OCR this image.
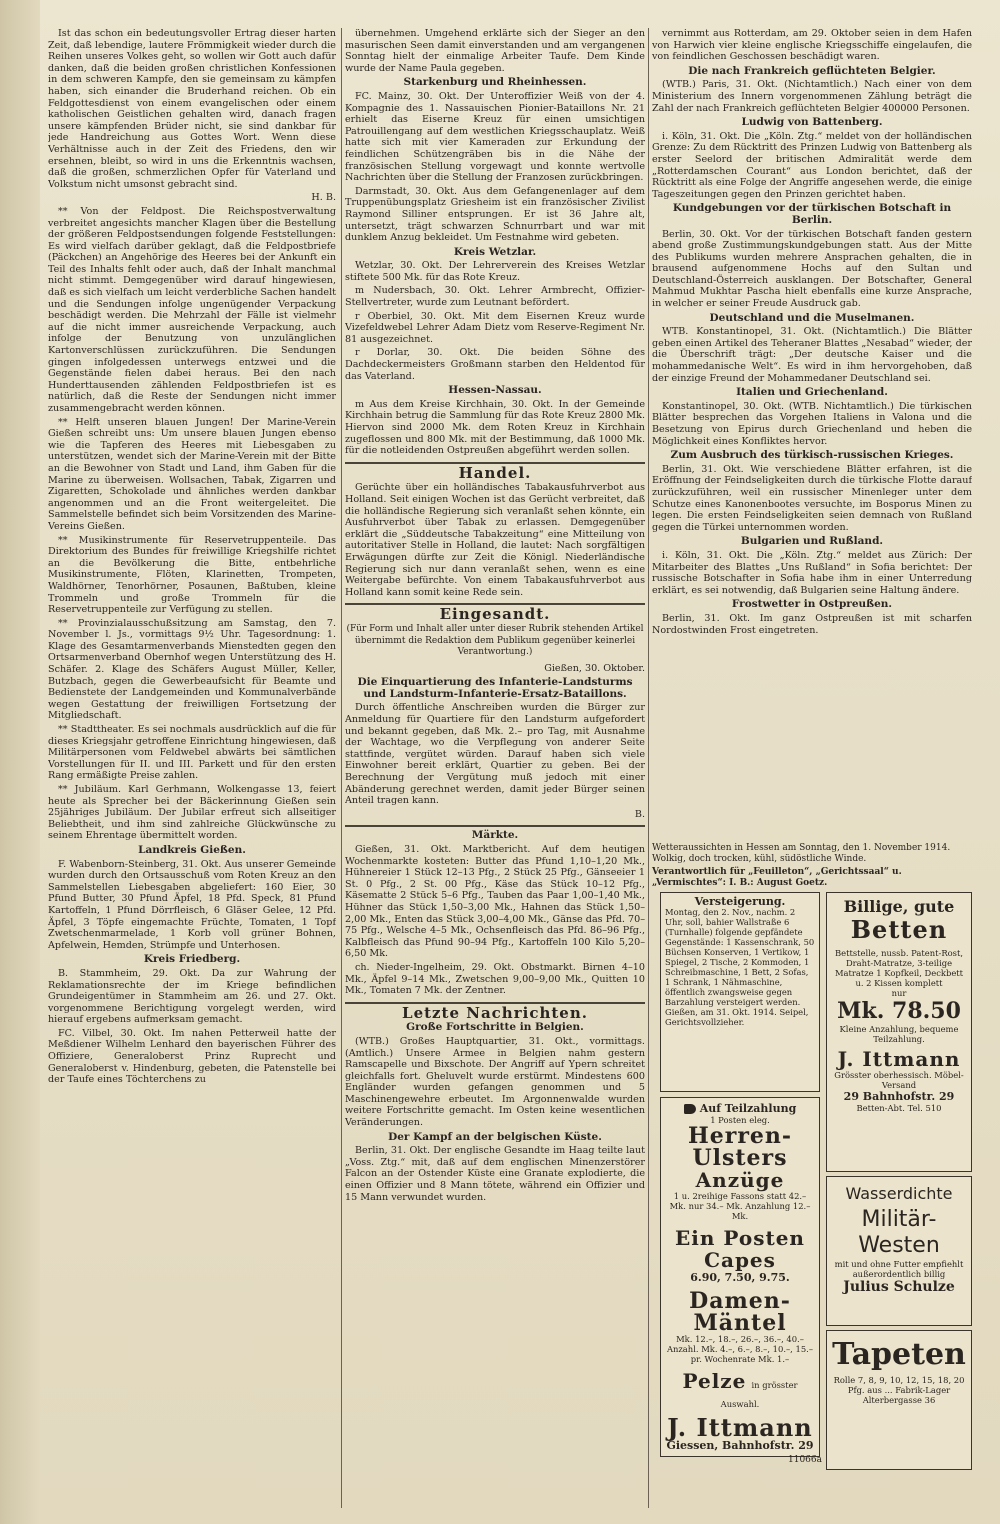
Ist das schon ein bedeutungsvoller Ertrag dieser harten Zeit, daß lebendige, lautere Frömmigkeit wieder durch die Reihen unseres Volkes geht, so wollen wir Gott auch dafür danken, daß die beiden großen christlichen Konfessionen in dem schweren Kampfe, den sie gemeinsam zu kämpfen haben, sich einander die Bruderhand reichen. Ob ein Feldgottesdienst von einem evangelischen oder einem katholischen Geistlichen gehalten wird, danach fragen unsere kämpfenden Brüder nicht, sie sind dankbar für jede Handreichung aus Gottes Wort. Wenn diese Verhältnisse auch in der Zeit des Friedens, den wir ersehnen, bleibt, so wird in uns die Erkenntnis wachsen, daß die großen, schmerzlichen Opfer für Vaterland und Volkstum nicht umsonst gebracht sind.

H. B.

** Von der Feldpost. Die Reichspostverwaltung verbreitet angesichts mancher Klagen über die Bestellung der größeren Feldpostsendungen folgende Feststellungen: Es wird vielfach darüber geklagt, daß die Feldpostbriefe (Päckchen) an Angehörige des Heeres bei der Ankunft ein Teil des Inhalts fehlt oder auch, daß der Inhalt manchmal nicht stimmt. Demgegenüber wird darauf hingewiesen, daß es sich vielfach um leicht verderbliche Sachen handelt und die Sendungen infolge ungenügender Verpackung beschädigt werden. Die Mehrzahl der Fälle ist vielmehr auf die nicht immer ausreichende Verpackung, auch infolge der Benutzung von unzulänglichen Kartonverschlüssen zurückzuführen. Die Sendungen gingen infolgedessen unterwegs entzwei und die Gegenstände fielen dabei heraus. Bei den nach Hunderttausenden zählenden Feldpostbriefen ist es natürlich, daß die Reste der Sendungen nicht immer zusammengebracht werden können.

** Helft unseren blauen Jungen! Der Marine-Verein Gießen schreibt uns: Um unsere blauen Jungen ebenso wie die Tapferen des Heeres mit Liebesgaben zu unterstützen, wendet sich der Marine-Verein mit der Bitte an die Bewohner von Stadt und Land, ihm Gaben für die Marine zu überweisen. Wollsachen, Tabak, Zigarren und Zigaretten, Schokolade und ähnliches werden dankbar angenommen und an die Front weitergeleitet. Die Sammelstelle befindet sich beim Vorsitzenden des Marine-Vereins Gießen.

** Musikinstrumente für Reservetruppenteile. Das Direktorium des Bundes für freiwillige Kriegshilfe richtet an die Bevölkerung die Bitte, entbehrliche Musikinstrumente, Flöten, Klarinetten, Trompeten, Waldhörner, Tenorhörner, Posaunen, Baßtuben, kleine Trommeln und große Trommeln für die Reservetruppenteile zur Verfügung zu stellen.

** Provinzialausschußsitzung am Samstag, den 7. November l. Js., vormittags 9½ Uhr. Tagesordnung: 1. Klage des Gesamtarmenverbands Mienstedten gegen den Ortsarmenverband Obernhof wegen Unterstützung des H. Schäfer. 2. Klage des Schäfers August Müller, Keller, Butzbach, gegen die Gewerbeaufsicht für Beamte und Bedienstete der Landgemeinden und Kommunalverbände wegen Gestattung der freiwilligen Fortsetzung der Mitgliedschaft.

** Stadttheater. Es sei nochmals ausdrücklich auf die für dieses Kriegsjahr getroffene Einrichtung hingewiesen, daß Militärpersonen vom Feldwebel abwärts bei sämtlichen Vorstellungen für II. und III. Parkett und für den ersten Rang ermäßigte Preise zahlen.

** Jubiläum. Karl Gerhmann, Wolkengasse 13, feiert heute als Sprecher bei der Bäckerinnung Gießen sein 25jähriges Jubiläum. Der Jubilar erfreut sich allseitiger Beliebtheit, und ihm sind zahlreiche Glückwünsche zu seinem Ehrentage übermittelt worden.

Landkreis Gießen.

F. Wabenborn-Steinberg, 31. Okt. Aus unserer Gemeinde wurden durch den Ortsausschuß vom Roten Kreuz an den Sammelstellen Liebesgaben abgeliefert: 160 Eier, 30 Pfund Butter, 30 Pfund Äpfel, 18 Pfd. Speck, 81 Pfund Kartoffeln, 1 Pfund Dörrfleisch, 6 Gläser Gelee, 12 Pfd. Äpfel, 3 Töpfe eingemachte Früchte, Tomaten, 1 Topf Zwetschenmarmelade, 1 Korb voll grüner Bohnen, Apfelwein, Hemden, Strümpfe und Unterhosen.

Kreis Friedberg.

B. Stammheim, 29. Okt. Da zur Wahrung der Reklamationsrechte der im Kriege befindlichen Grundeigentümer in Stammheim am 26. und 27. Okt. vorgenommene Berichtigung vorgelegt werden, wird hierauf ergebens aufmerksam gemacht.

FC. Vilbel, 30. Okt. Im nahen Petterweil hatte der Meßdiener Wilhelm Lenhard den bayerischen Führer des Offiziere, Generaloberst Prinz Ruprecht und Generaloberst v. Hindenburg, gebeten, die Patenstelle bei der Taufe eines Töchterchens zu

übernehmen. Umgehend erklärte sich der Sieger an den masurischen Seen damit einverstanden und am vergangenen Sonntag hielt der einmalige Arbeiter Taufe. Dem Kinde wurde der Name Paula gegeben.

Starkenburg und Rheinhessen.

FC. Mainz, 30. Okt. Der Unteroffizier Weiß von der 4. Kompagnie des 1. Nassauischen Pionier-Bataillons Nr. 21 erhielt das Eiserne Kreuz für einen umsichtigen Patrouillengang auf dem westlichen Kriegsschauplatz. Weiß hatte sich mit vier Kameraden zur Erkundung der feindlichen Schützengräben bis in die Nähe der französischen Stellung vorgewagt und konnte wertvolle Nachrichten über die Stellung der Franzosen zurückbringen.

Darmstadt, 30. Okt. Aus dem Gefangenenlager auf dem Truppenübungsplatz Griesheim ist ein französischer Zivilist Raymond Silliner entsprungen. Er ist 36 Jahre alt, untersetzt, trägt schwarzen Schnurrbart und war mit dunklem Anzug bekleidet. Um Festnahme wird gebeten.

Kreis Wetzlar.

Wetzlar, 30. Okt. Der Lehrerverein des Kreises Wetzlar stiftete 500 Mk. für das Rote Kreuz.

m Nudersbach, 30. Okt. Lehrer Armbrecht, Offizier-Stellvertreter, wurde zum Leutnant befördert.

r Oberbiel, 30. Okt. Mit dem Eisernen Kreuz wurde Vizefeldwebel Lehrer Adam Dietz vom Reserve-Regiment Nr. 81 ausgezeichnet.

r Dorlar, 30. Okt. Die beiden Söhne des Dachdeckermeisters Großmann starben den Heldentod für das Vaterland.

Hessen-Nassau.

m Aus dem Kreise Kirchhain, 30. Okt. In der Gemeinde Kirchhain betrug die Sammlung für das Rote Kreuz 2800 Mk. Hiervon sind 2000 Mk. dem Roten Kreuz in Kirchhain zugeflossen und 800 Mk. mit der Bestimmung, daß 1000 Mk. für die notleidenden Ostpreußen abgeführt werden sollen.

Handel.

Gerüchte über ein holländisches Tabakausfuhrverbot aus Holland. Seit einigen Wochen ist das Gerücht verbreitet, daß die holländische Regierung sich veranlaßt sehen könnte, ein Ausfuhrverbot über Tabak zu erlassen. Demgegenüber erklärt die „Süddeutsche Tabakzeitung“ eine Mitteilung von autoritativer Stelle in Holland, die lautet: Nach sorgfältigen Erwägungen dürfte zur Zeit die Königl. Niederländische Regierung sich nur dann veranlaßt sehen, wenn es eine Weitergabe befürchte. Von einem Tabakausfuhrverbot aus Holland kann somit keine Rede sein.

Eingesandt.
(Für Form und Inhalt aller unter dieser Rubrik stehenden Artikel übernimmt die Redaktion dem Publikum gegenüber keinerlei Verantwortung.)

Gießen, 30. Oktober.

Die Einquartierung des Infanterie-Landsturms und Landsturm-Infanterie-Ersatz-Bataillons.

Durch öffentliche Anschreiben wurden die Bürger zur Anmeldung für Quartiere für den Landsturm aufgefordert und bekannt gegeben, daß Mk. 2.– pro Tag, mit Ausnahme der Wachtage, wo die Verpflegung von anderer Seite stattfinde, vergütet würden. Darauf haben sich viele Einwohner bereit erklärt, Quartier zu geben. Bei der Berechnung der Vergütung muß jedoch mit einer Abänderung gerechnet werden, damit jeder Bürger seinen Anteil tragen kann.

B.

Märkte.

Gießen, 31. Okt. Marktbericht. Auf dem heutigen Wochenmarkte kosteten: Butter das Pfund 1,10–1,20 Mk., Hühnereier 1 Stück 12–13 Pfg., 2 Stück 25 Pfg., Gänseeier 1 St. 0 Pfg., 2 St. 00 Pfg., Käse das Stück 10–12 Pfg., Käsematte 2 Stück 5–6 Pfg., Tauben das Paar 1,00–1,40 Mk., Hühner das Stück 1,50–3,00 Mk., Hahnen das Stück 1,50–2,00 Mk., Enten das Stück 3,00–4,00 Mk., Gänse das Pfd. 70–75 Pfg., Welsche 4–5 Mk., Ochsenfleisch das Pfd. 86–96 Pfg., Kalbfleisch das Pfund 90–94 Pfg., Kartoffeln 100 Kilo 5,20–6,50 Mk.

ch. Nieder-Ingelheim, 29. Okt. Obstmarkt. Birnen 4–10 Mk., Äpfel 9–14 Mk., Zwetschen 9,00–9,00 Mk., Quitten 10 Mk., Tomaten 7 Mk. der Zentner.

Letzte Nachrichten.
Große Fortschritte in Belgien.

(WTB.) Großes Hauptquartier, 31. Okt., vormittags. (Amtlich.) Unsere Armee in Belgien nahm gestern Ramscapelle und Bixschote. Der Angriff auf Ypern schreitet gleichfalls fort. Gheluvelt wurde erstürmt. Mindestens 600 Engländer wurden gefangen genommen und 5 Maschinengewehre erbeutet. Im Argonnenwalde wurden weitere Fortschritte gemacht. Im Osten keine wesentlichen Veränderungen.

Der Kampf an der belgischen Küste.

Berlin, 31. Okt. Der englische Gesandte im Haag teilte laut „Voss. Ztg.“ mit, daß auf dem englischen Minenzerstörer Falcon an der Ostender Küste eine Granate explodierte, die einen Offizier und 8 Mann tötete, während ein Offizier und 15 Mann verwundet wurden.

vernimmt aus Rotterdam, am 29. Oktober seien in dem Hafen von Harwich vier kleine englische Kriegsschiffe eingelaufen, die von feindlichen Geschossen beschädigt waren.

Die nach Frankreich geflüchteten Belgier.

(WTB.) Paris, 31. Okt. (Nichtamtlich.) Nach einer von dem Ministerium des Innern vorgenommenen Zählung beträgt die Zahl der nach Frankreich geflüchteten Belgier 400000 Personen.

Ludwig von Battenberg.

i. Köln, 31. Okt. Die „Köln. Ztg.“ meldet von der holländischen Grenze: Zu dem Rücktritt des Prinzen Ludwig von Battenberg als erster Seelord der britischen Admiralität werde dem „Rotterdamschen Courant“ aus London berichtet, daß der Rücktritt als eine Folge der Angriffe angesehen werde, die einige Tageszeitungen gegen den Prinzen gerichtet haben.

Kundgebungen vor der türkischen Botschaft in Berlin.

Berlin, 30. Okt. Vor der türkischen Botschaft fanden gestern abend große Zustimmungskundgebungen statt. Aus der Mitte des Publikums wurden mehrere Ansprachen gehalten, die in brausend aufgenommene Hochs auf den Sultan und Deutschland-Österreich ausklangen. Der Botschafter, General Mahmud Mukhtar Pascha hielt ebenfalls eine kurze Ansprache, in welcher er seiner Freude Ausdruck gab.

Deutschland und die Muselmanen.

WTB. Konstantinopel, 31. Okt. (Nichtamtlich.) Die Blätter geben einen Artikel des Teheraner Blattes „Nesabad“ wieder, der die Überschrift trägt: „Der deutsche Kaiser und die mohammedanische Welt“. Es wird in ihm hervorgehoben, daß der einzige Freund der Mohammedaner Deutschland sei.

Italien und Griechenland.

Konstantinopel, 30. Okt. (WTB. Nichtamtlich.) Die türkischen Blätter besprechen das Vorgehen Italiens in Valona und die Besetzung von Epirus durch Griechenland und heben die Möglichkeit eines Konfliktes hervor.

Zum Ausbruch des türkisch-russischen Krieges.

Berlin, 31. Okt. Wie verschiedene Blätter erfahren, ist die Eröffnung der Feindseligkeiten durch die türkische Flotte darauf zurückzuführen, weil ein russischer Minenleger unter dem Schutze eines Kanonenbootes versuchte, im Bosporus Minen zu legen. Die ersten Feindseligkeiten seien demnach von Rußland gegen die Türkei unternommen worden.

Bulgarien und Rußland.

i. Köln, 31. Okt. Die „Köln. Ztg.“ meldet aus Zürich: Der Mitarbeiter des Blattes „Uns Rußland“ in Sofia berichtet: Der russische Botschafter in Sofia habe ihm in einer Unterredung erklärt, es sei notwendig, daß Bulgarien seine Haltung ändere.

Frostwetter in Ostpreußen.

Berlin, 31. Okt. Im ganz Ostpreußen ist mit scharfen Nordostwinden Frost eingetreten.

Wetteraussichten in Hessen am Sonntag, den 1. November 1914. Wolkig, doch trocken, kühl, südöstliche Winde.
Verantwortlich für „Feuilleton“, „Gerichtssaal“ u. „Vermischtes“: I. B.: August Goetz.
Versteigerung.
Montag, den 2. Nov., nachm. 2 Uhr, soll, bahier Wallstraße 6 (Turnhalle) folgende gepfändete Gegenstände: 1 Kassenschrank, 50 Büchsen Konserven, 1 Vertikow, 1 Spiegel, 2 Tische, 2 Kommoden, 1 Schreibmaschine, 1 Bett, 2 Sofas, 1 Schrank, 1 Nähmaschine, öffentlich zwangsweise gegen Barzahlung versteigert werden. Gießen, am 31. Okt. 1914. Seipel, Gerichtsvollzieher.
Billige, gute
Betten
Bettstelle, nussb. Patent-Rost, Draht-Matratze, 3-teilige Matratze 1 Kopfkeil, Deckbett u. 2 Kissen komplett
nur
Mk. 78.50
Kleine Anzahlung, bequeme Teilzahlung.
J. Ittmann
Grösster oberhessisch. Möbel-Versand
29 Bahnhofstr. 29
Betten-Abt. Tel. 510
Auf Teilzahlung
1 Posten eleg.
Herren-Ulsters
Anzüge
1 u. 2reihige Fassons statt 42.– Mk. nur 34.– Mk. Anzahlung 12.– Mk.
Ein Posten Capes
6.90, 7.50, 9.75.
Damen-Mäntel
Mk. 12.–, 18.–, 26.–, 36.–, 40.– Anzahl. Mk. 4.–, 6.–, 8.–, 10.–, 15.– pr. Wochenrate Mk. 1.–
Pelze in grösster Auswahl.
J. Ittmann
Giessen, Bahnhofstr. 29
Wasserdichte
Militär-
Westen
mit und ohne Futter empfiehlt außerordentlich billig
Julius Schulze
Tapeten
Rolle 7, 8, 9, 10, 12, 15, 18, 20 Pfg. aus ... Fabrik-Lager Alterbergasse 36
11066a
